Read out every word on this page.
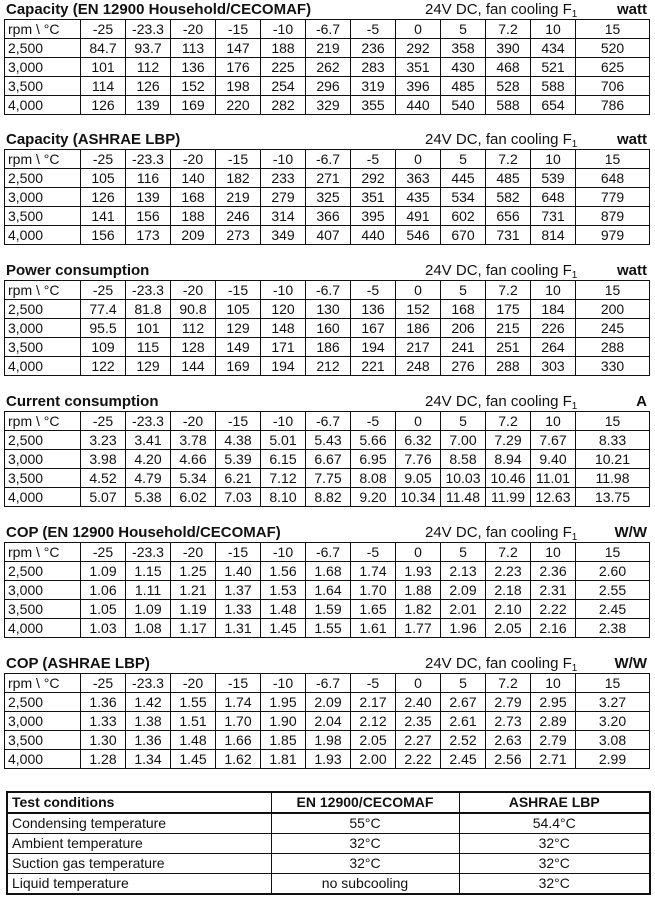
Capacity (EN 12900 Household/CECOMAF)	24V DC, fan cooling $F_1$	watt
rpm \ °C	-25	-23.3	-20	-15	-10	-6.7	-5	0	5	7.2	10	15
2,500	84.7	93.7	113	147	188	219	236	292	358	390	434	520
3,000	101	112	136	176	225	262	283	351	430	468	521	625
3,500	114	126	152	198	254	296	319	396	485	528	588	706
4,000	126	139	169	220	282	329	355	440	540	588	654	786
Capacity (ASHRAE LBP)	24V DC, fan cooling $F_1$	watt
rpm \ °C	-25	-23.3	-20	-15	-10	-6.7	-5	0	5	7.2	10	15
2,500	105	116	140	182	233	271	292	363	445	485	539	648
3,000	126	139	168	219	279	325	351	435	534	582	648	779
3,500	141	156	188	246	314	366	395	491	602	656	731	879
4,000	156	173	209	273	349	407	440	546	670	731	814	979
Power consumption	24V DC, fan cooling $F_1$	watt
rpm \ °C	-25	-23.3	-20	-15	-10	-6.7	-5	0	5	7.2	10	15
2,500	77.4	81.8	90.8	105	120	130	136	152	168	175	184	200
3,000	95.5	101	112	129	148	160	167	186	206	215	226	245
3,500	109	115	128	149	171	186	194	217	241	251	264	288
4,000	122	129	144	169	194	212	221	248	276	288	303	330
Current consumption	24V DC, fan cooling $F_1$	A
rpm \ °C	-25	-23.3	-20	-15	-10	-6.7	-5	0	5	7.2	10	15
2,500	3.23	3.41	3.78	4.38	5.01	5.43	5.66	6.32	7.00	7.29	7.67	8.33
3,000	3.98	4.20	4.66	5.39	6.15	6.67	6.95	7.76	8.58	8.94	9.40	10.21
3,500	4.52	4.79	5.34	6.21	7.12	7.75	8.08	9.05	10.03	10.46	11.01	11.98
4,000	5.07	5.38	6.02	7.03	8.10	8.82	9.20	10.34	11.48	11.99	12.63	13.75
COP (EN 12900 Household/CECOMAF)	24V DC, fan cooling $F_1$ W/W
rpm \ °C	-25	-23.3	-20	-15	-10	-6.7	-5	0	5	7.2	10	15
2,500	1.09	1.15	1.25	1.40	1.56	1.68	1.74	1.93	2.13	2.23	2.36	2.60
3,000	1.06	1.11	1.21	1.37	1.53	1.64	1.70	1.88	2.09	2.18	2.31	2.55
3,500	1.05	1.09	1.19	1.33	1.48	1.59	1.65	1.82	2.01	2.10	2.22	2.45
4,000	1.03	1.08	1.17	1.31	1.45	1.55	1.61	1.77	1.96	2.05	2.16	2.38
COP (ASHRAE LBP)	24V DC, fan cooling $F_1$ W/W
rpm \ °C	-25	-23.3	-20	-15	-10	-6.7	-5	0	5	7.2	10	15
2,500	1.36	1.42	1.55	1.74	1.95	2.09	2.17	2.40	2.67	2.79	2.95	3.27
3,000	1.33	1.38	1.51	1.70	1.90	2.04	2.12	2.35	2.61	2.73	2.89	3.20
3,500	1.30	1.36	1.48	1.66	1.85	1.98	2.05	2.27	2.52	2.63	2.79	3.08
4,000	1.28	1.34	1.45	1.62	1.81	1.93	2.00	2.22	2.45	2.56	2.71	2.99
Test conditions	EN 12900/CECOMAF	ASHRAE LBP
Condensing temperature	55°C	54.4°C
Ambient temperature	32°C	32°C
Suction gas temperature	32°C	32°C
Liquid temperature	no subcooling	32°C
